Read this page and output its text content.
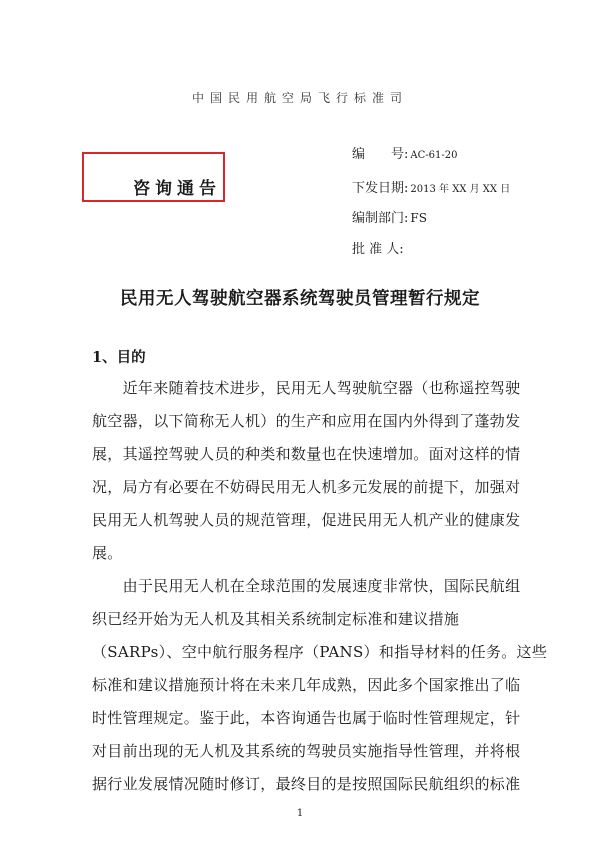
中国民用航空局飞行标准司
咨询通告
编　　号: AC-61-20
下发日期: 2013 年 XX 月 XX 日
编制部门: FS
批 准 人:
民用无人驾驶航空器系统驾驶员管理暂行规定
1、目的
　　近年来随着技术进步，民用无人驾驶航空器（也称遥控驾驶
航空器，以下简称无人机）的生产和应用在国内外得到了蓬勃发
展，其遥控驾驶人员的种类和数量也在快速增加。面对这样的情
况，局方有必要在不妨碍民用无人机多元发展的前提下，加强对
民用无人机驾驶人员的规范管理，促进民用无人机产业的健康发
展。
　　由于民用无人机在全球范围的发展速度非常快，国际民航组
织已经开始为无人机及其相关系统制定标准和建议措施
（SARPs）、空中航行服务程序（PANS）和指导材料的任务。这些
标准和建议措施预计将在未来几年成熟，因此多个国家推出了临
时性管理规定。鉴于此，本咨询通告也属于临时性管理规定，针
对目前出现的无人机及其系统的驾驶员实施指导性管理，并将根
据行业发展情况随时修订，最终目的是按照国际民航组织的标准
1
